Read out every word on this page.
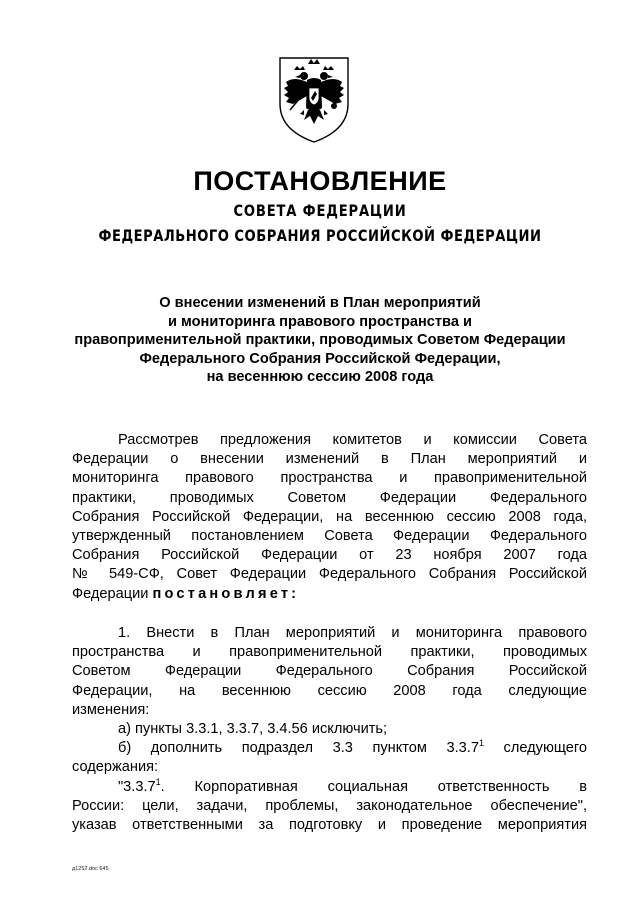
ПОСТАНОВЛЕНИЕ
СОВЕТА ФЕДЕРАЦИИ
ФЕДЕРАЛЬНОГО СОБРАНИЯ РОССИЙСКОЙ ФЕДЕРАЦИИ
О внесении изменений в План мероприятий
и мониторинга правового пространства и
правоприменительной практики, проводимых Советом Федерации
Федерального Собрания Российской Федерации,
на весеннюю сессию 2008 года
Рассмотрев предложения комитетов и комиссии Совета
Федерации о внесении изменений в План мероприятий и
мониторинга правового пространства и правоприменительной
практики, проводимых Советом Федерации Федерального
Собрания Российской Федерации, на весеннюю сессию 2008 года,
утвержденный постановлением Совета Федерации Федерального
Собрания Российской Федерации от 23 ноября 2007 года
№ 549-СФ, Совет Федерации Федерального Собрания Российской
Федерации постановляет:
1. Внести в План мероприятий и мониторинга правового
пространства и правоприменительной практики, проводимых
Советом Федерации Федерального Собрания Российской
Федерации, на весеннюю сессию 2008 года следующие
изменения:
а) пункты 3.3.1, 3.3.7, 3.4.56 исключить;
б) дополнить подраздел 3.3 пунктом 3.3.7$^1$ следующего
содержания:
"3.3.7$^1$. Корпоративная социальная ответственность в
России: цели, задачи, проблемы, законодательное обеспечение",
указав ответственными за подготовку и проведение мероприятия
д1252.doc 645
